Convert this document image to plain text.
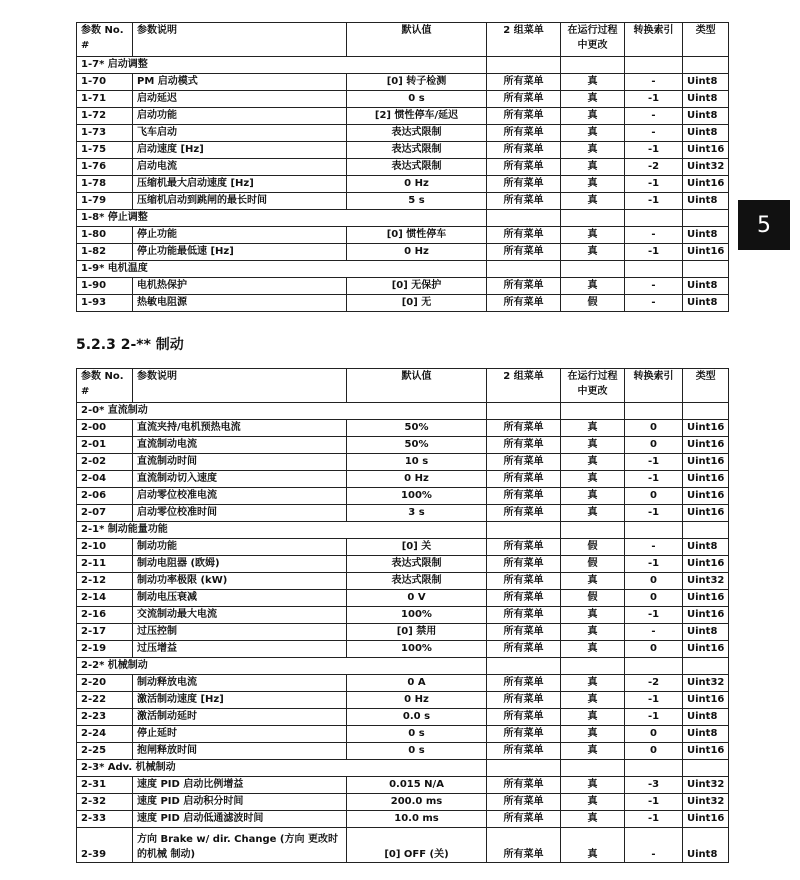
5
参数 No. #	参数说明	默认值	2 组菜单	在运行过程中更改	转换索引	类型
1-7* 启动调整						
1-70	PM 启动模式	[0] 转子检测	所有菜单	真	-	Uint8
1-71	启动延迟	0 s	所有菜单	真	-1	Uint8
1-72	启动功能	[2] 惯性停车/延迟	所有菜单	真	-	Uint8
1-73	飞车启动	表达式限制	所有菜单	真	-	Uint8
1-75	启动速度 [Hz]	表达式限制	所有菜单	真	-1	Uint16
1-76	启动电流	表达式限制	所有菜单	真	-2	Uint32
1-78	压缩机最大启动速度 [Hz]	0 Hz	所有菜单	真	-1	Uint16
1-79	压缩机启动到跳闸的最长时间	5 s	所有菜单	真	-1	Uint8
1-8* 停止调整						
1-80	停止功能	[0] 惯性停车	所有菜单	真	-	Uint8
1-82	停止功能最低速 [Hz]	0 Hz	所有菜单	真	-1	Uint16
1-9* 电机温度						
1-90	电机热保护	[0] 无保护	所有菜单	真	-	Uint8
1-93	热敏电阻源	[0] 无	所有菜单	假	-	Uint8
5.2.3 2-** 制动
参数 No. #	参数说明	默认值	2 组菜单	在运行过程中更改	转换索引	类型
2-0* 直流制动						
2-00	直流夹持/电机预热电流	50%	所有菜单	真	0	Uint16
2-01	直流制动电流	50%	所有菜单	真	0	Uint16
2-02	直流制动时间	10 s	所有菜单	真	-1	Uint16
2-04	直流制动切入速度	0 Hz	所有菜单	真	-1	Uint16
2-06	启动零位校准电流	100%	所有菜单	真	0	Uint16
2-07	启动零位校准时间	3 s	所有菜单	真	-1	Uint16
2-1* 制动能量功能						
2-10	制动功能	[0] 关	所有菜单	假	-	Uint8
2-11	制动电阻器 (欧姆)	表达式限制	所有菜单	假	-1	Uint16
2-12	制动功率极限 (kW)	表达式限制	所有菜单	真	0	Uint32
2-14	制动电压衰减	0 V	所有菜单	假	0	Uint16
2-16	交流制动最大电流	100%	所有菜单	真	-1	Uint16
2-17	过压控制	[0] 禁用	所有菜单	真	-	Uint8
2-19	过压增益	100%	所有菜单	真	0	Uint16
2-2* 机械制动						
2-20	制动释放电流	0 A	所有菜单	真	-2	Uint32
2-22	激活制动速度 [Hz]	0 Hz	所有菜单	真	-1	Uint16
2-23	激活制动延时	0.0 s	所有菜单	真	-1	Uint8
2-24	停止延时	0 s	所有菜单	真	0	Uint8
2-25	抱闸释放时间	0 s	所有菜单	真	0	Uint16
2-3* Adv. 机械制动						
2-31	速度 PID 启动比例增益	0.015 N/A	所有菜单	真	-3	Uint32
2-32	速度 PID 启动积分时间	200.0 ms	所有菜单	真	-1	Uint32
2-33	速度 PID 启动低通滤波时间	10.0 ms	所有菜单	真	-1	Uint16
2-39	方向 Brake w/ dir. Change (方向 更改时的机械 制动)	[0] OFF (关)	所有菜单	真	-	Uint8
